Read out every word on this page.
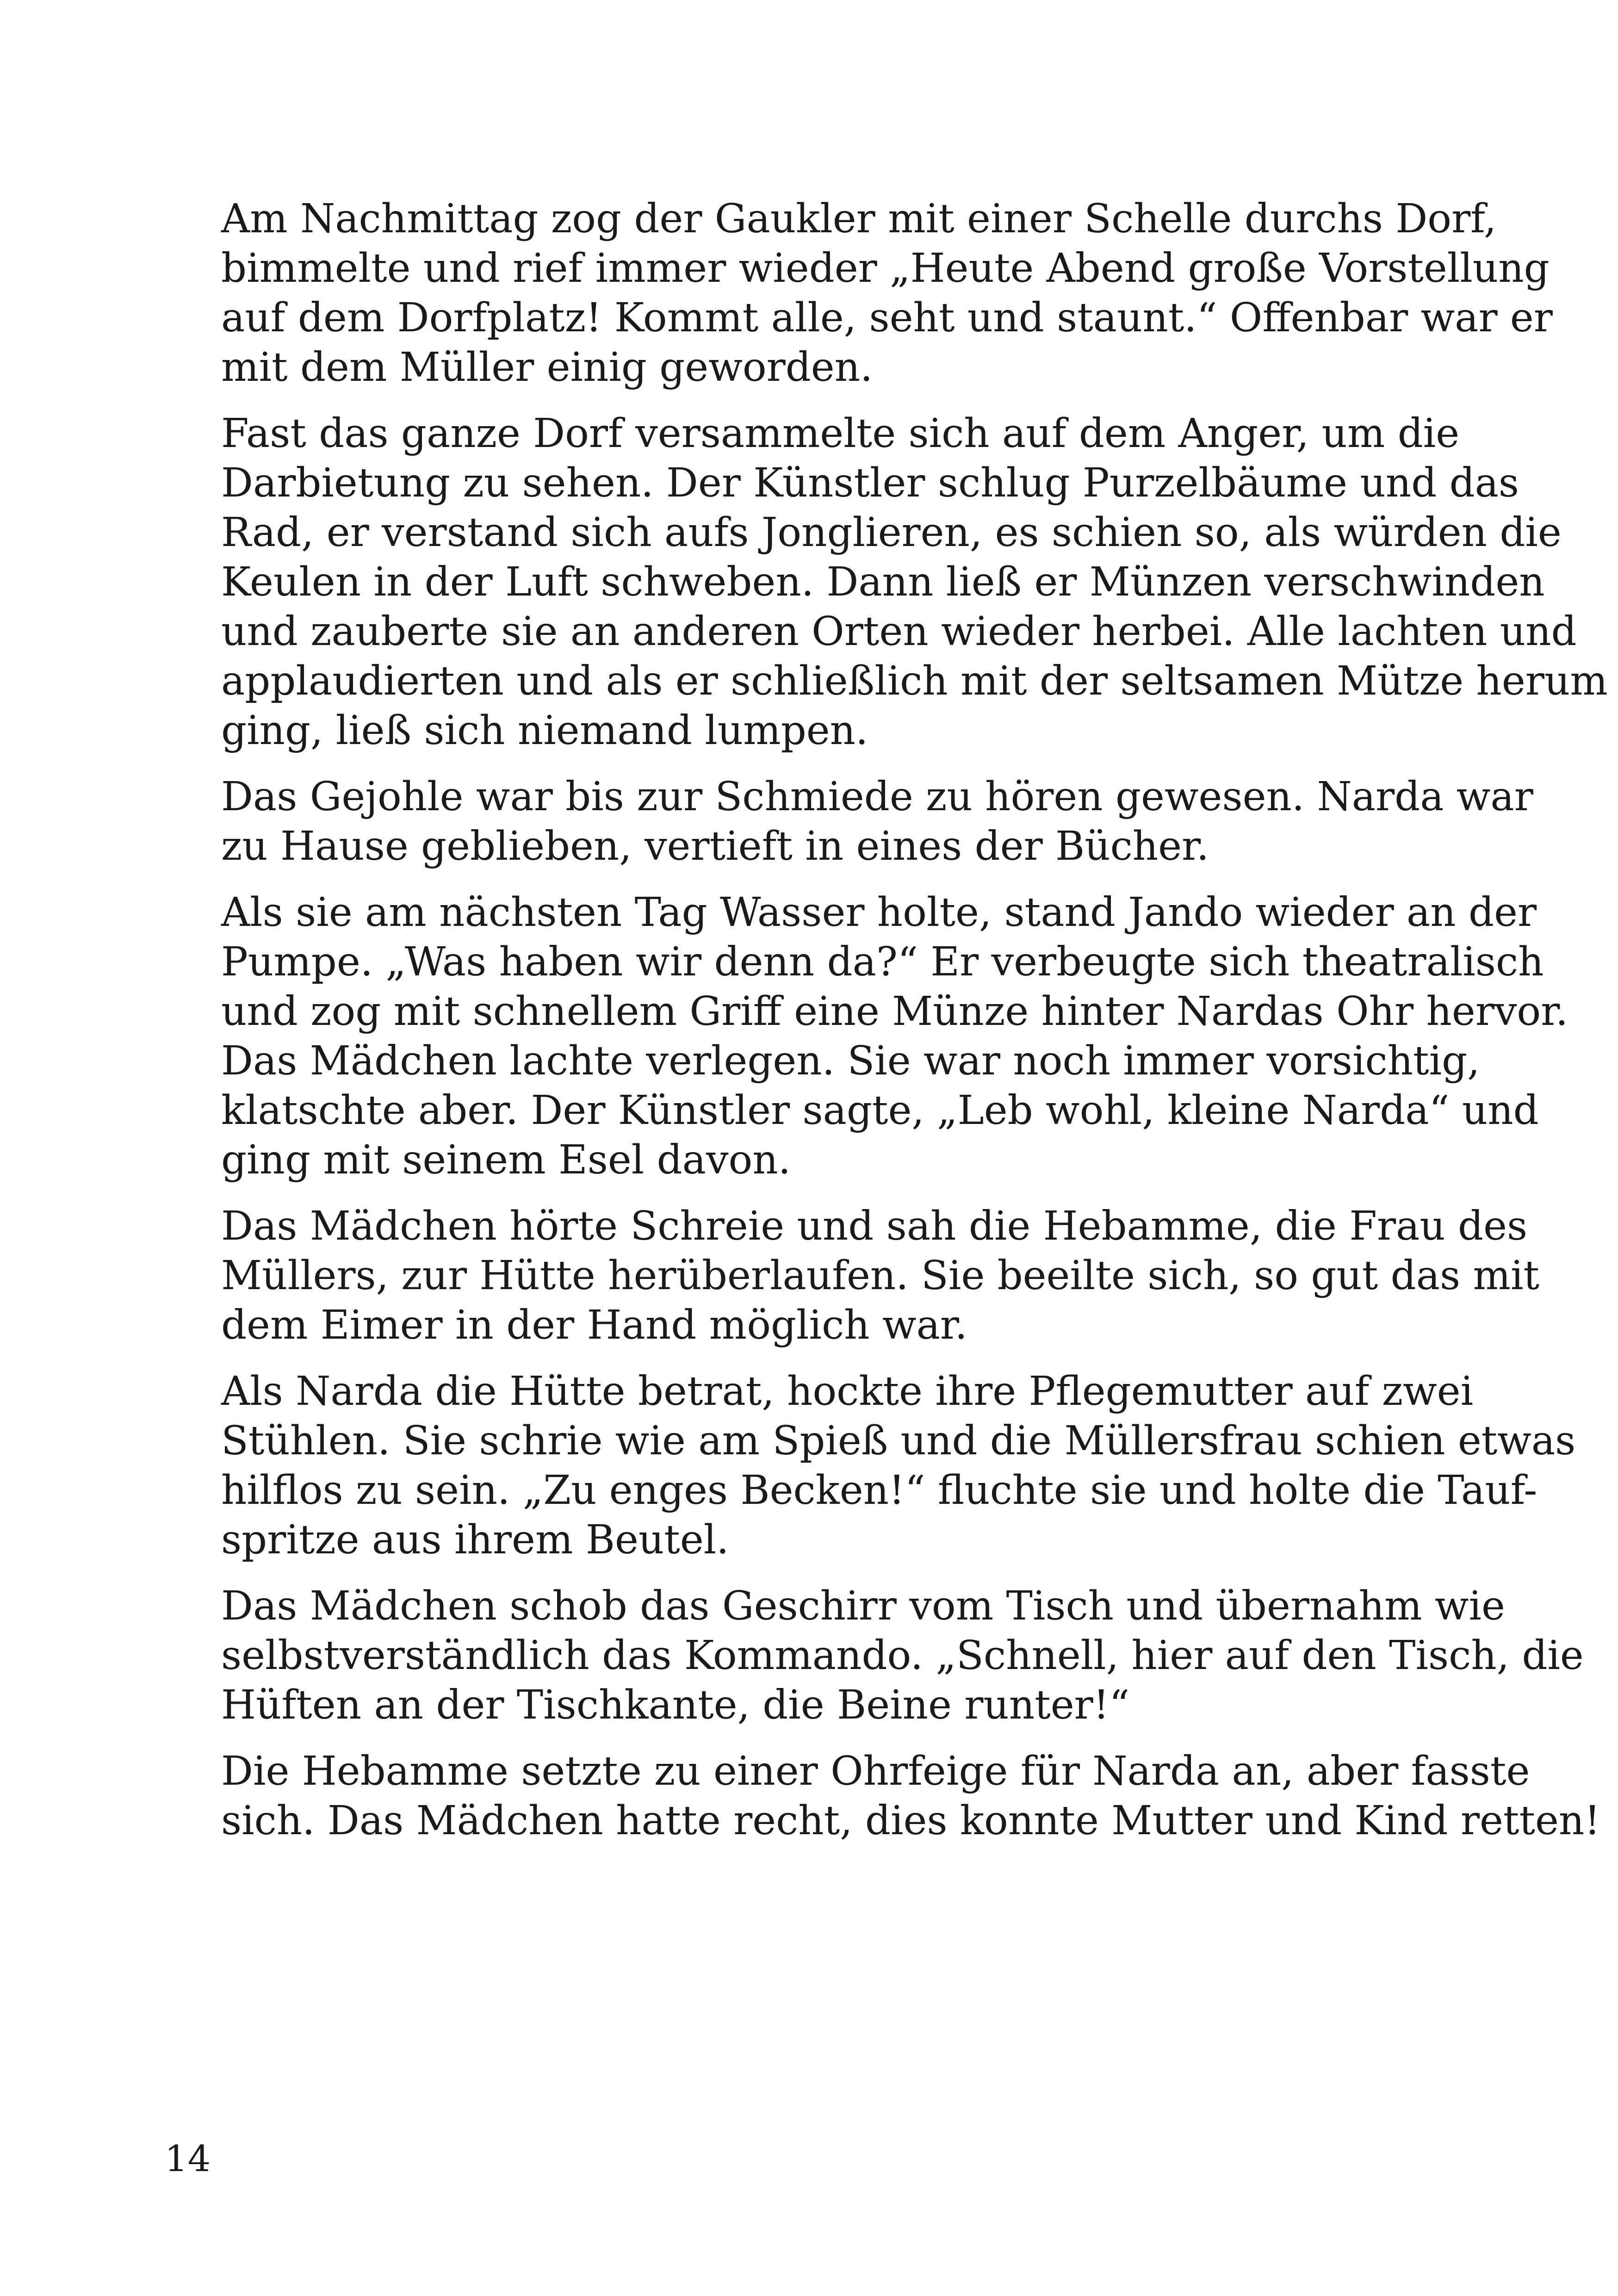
Am Nachmittag zog der Gaukler mit einer Schelle durchs Dorf,
bimmelte und rief immer wieder „Heute Abend große Vorstellung
auf dem Dorfplatz! Kommt alle, seht und staunt.“ Offenbar war er
mit dem Müller einig geworden.

Fast das ganze Dorf versammelte sich auf dem Anger, um die
Darbietung zu sehen. Der Künstler schlug Purzelbäume und das
Rad, er verstand sich aufs Jonglieren, es schien so, als würden die
Keulen in der Luft schweben. Dann ließ er Münzen verschwinden
und zauberte sie an anderen Orten wieder herbei. Alle lachten und
applaudierten und als er schließlich mit der seltsamen Mütze herum
ging, ließ sich niemand lumpen.

Das Gejohle war bis zur Schmiede zu hören gewesen. Narda war
zu Hause geblieben, vertieft in eines der Bücher.

Als sie am nächsten Tag Wasser holte, stand Jando wieder an der
Pumpe. „Was haben wir denn da?“ Er verbeugte sich theatralisch
und zog mit schnellem Griff eine Münze hinter Nardas Ohr hervor.
Das Mädchen lachte verlegen. Sie war noch immer vorsichtig,
klatschte aber. Der Künstler sagte, „Leb wohl, kleine Narda“ und
ging mit seinem Esel davon.

Das Mädchen hörte Schreie und sah die Hebamme, die Frau des
Müllers, zur Hütte herüberlaufen. Sie beeilte sich, so gut das mit
dem Eimer in der Hand möglich war.

Als Narda die Hütte betrat, hockte ihre Pflegemutter auf zwei
Stühlen. Sie schrie wie am Spieß und die Müllersfrau schien etwas
hilflos zu sein. „Zu enges Becken!“ fluchte sie und holte die Tauf-
spritze aus ihrem Beutel.

Das Mädchen schob das Geschirr vom Tisch und übernahm wie
selbstverständlich das Kommando. „Schnell, hier auf den Tisch, die
Hüften an der Tischkante, die Beine runter!“

Die Hebamme setzte zu einer Ohrfeige für Narda an, aber fasste
sich. Das Mädchen hatte recht, dies konnte Mutter und Kind retten!

14
